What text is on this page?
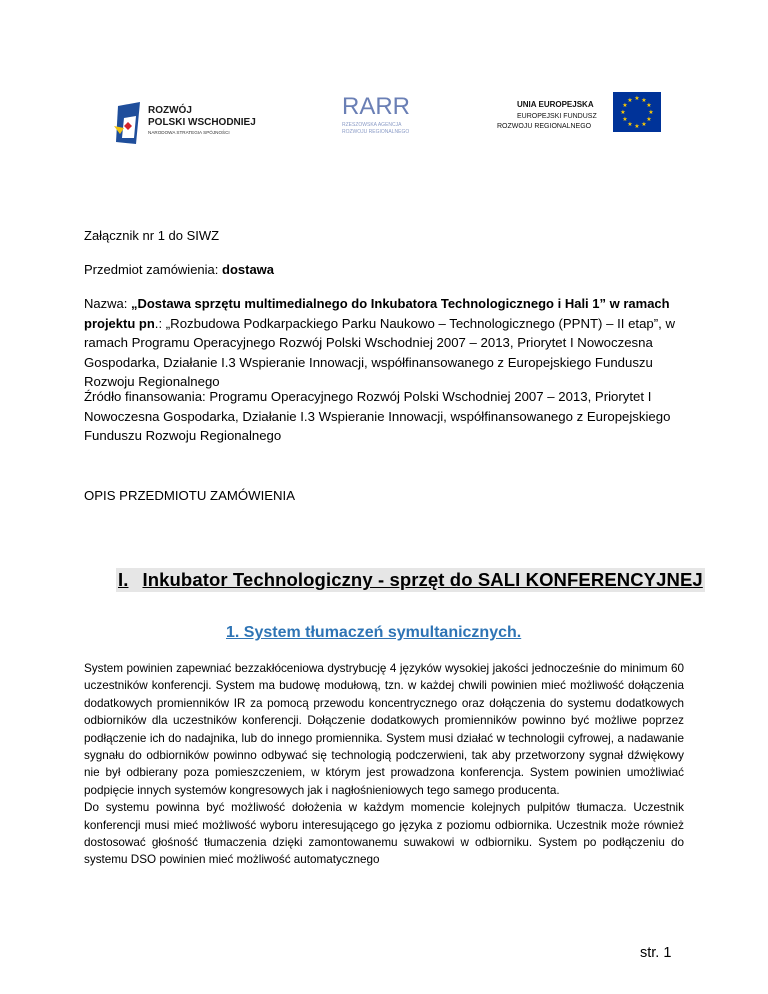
ROZWÓJ
POLSKI WSCHODNIEJ
NARODOWA STRATEGIA SPÓJNOŚCI
RARR
RZESZOWSKA AGENCJA
ROZWOJU REGIONALNEGO
UNIA EUROPEJSKA
EUROPEJSKI FUNDUSZ
ROZWOJU REGIONALNEGO
★ ★
★
★
★
★
★
★
★
★
★
★

Załącznik nr 1 do SIWZ

Przedmiot zamówienia: dostawa

Nazwa: „Dostawa sprzętu multimedialnego do Inkubatora Technologicznego i Hali 1” w ramach projektu pn.: „Rozbudowa Podkarpackiego Parku Naukowo – Technologicznego (PPNT) – II etap”, w ramach Programu Operacyjnego Rozwój Polski Wschodniej 2007 – 2013, Priorytet I Nowoczesna Gospodarka, Działanie I.3 Wspieranie Innowacji, współfinansowanego z Europejskiego Funduszu Rozwoju Regionalnego

Źródło finansowania: Programu Operacyjnego Rozwój Polski Wschodniej 2007 – 2013, Priorytet I Nowoczesna Gospodarka, Działanie I.3 Wspieranie Innowacji, współfinansowanego z Europejskiego Funduszu Rozwoju Regionalnego

OPIS PRZEDMIOTU ZAMÓWIENIA

I. Inkubator Technologiczny - sprzęt do SALI KONFERENCYJNEJ
1. System tłumaczeń symultanicznych.

System powinien zapewniać bezzakłóceniowa dystrybucję 4 języków wysokiej jakości jednocześnie do minimum 60 uczestników konferencji. System ma budowę modułową, tzn. w każdej chwili powinien mieć możliwość dołączenia dodatkowych promienników IR za pomocą przewodu koncentrycznego oraz dołączenia do systemu dodatkowych odbiorników dla uczestników konferencji. Dołączenie dodatkowych promienników powinno być możliwe poprzez podłączenie ich do nadajnika, lub do innego promiennika. System musi działać w technologii cyfrowej, a nadawanie sygnału do odbiorników powinno odbywać się technologią podczerwieni, tak aby przetworzony sygnał dźwiękowy nie był odbierany poza pomieszczeniem, w którym jest prowadzona konferencja. System powinien umożliwiać podpięcie innych systemów kongresowych jak i nagłośnieniowych tego samego producenta.

Do systemu powinna być możliwość dołożenia w każdym momencie kolejnych pulpitów tłumacza. Uczestnik konferencji musi mieć możliwość wyboru interesującego go języka z poziomu odbiornika. Uczestnik może również dostosować głośność tłumaczenia dzięki zamontowanemu suwakowi w odbiorniku. System po podłączeniu do systemu DSO powinien mieć możliwość automatycznego

str. 1
